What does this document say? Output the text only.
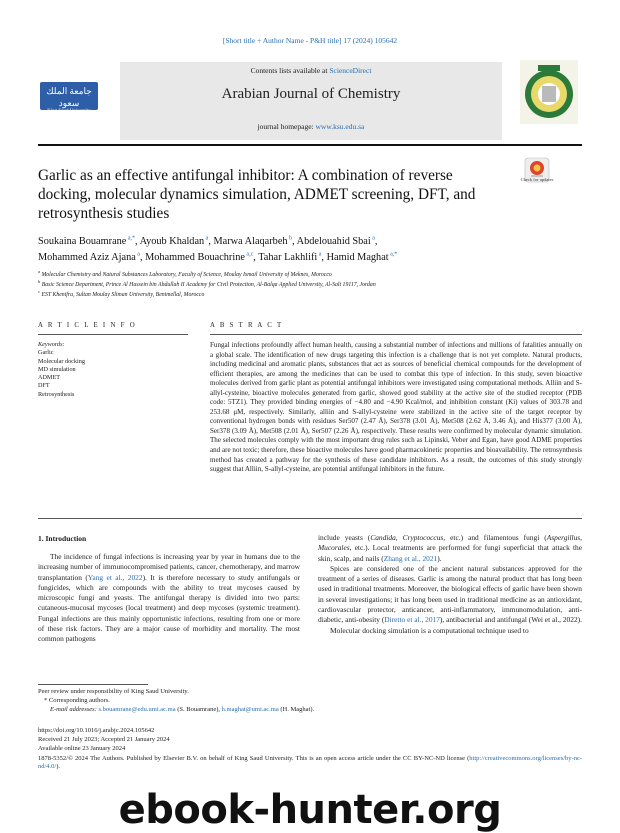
[Short title + Author Name - P&H title] 17 (2024) 105642
Contents lists available at ScienceDirect
Arabian Journal of Chemistry
journal homepage: www.ksu.edu.sa
جامعة الملك سعود
King Saud University
Check for updates
Garlic as an effective antifungal inhibitor: A combination of reverse docking, molecular dynamics simulation, ADMET screening, DFT, and retrosynthesis studies
Soukaina Bouamrane $^{a,*}$, Ayoub Khaldan $^a$, Marwa Alaqarbeh $^b$, Abdelouahid Sbai $^a$,
Mohammed Aziz Ajana $^a$, Mohammed Bouachrine $^{a,c}$, Tahar Lakhlifi $^a$, Hamid Maghat $^{a,*}$
$^a$ Molecular Chemistry and Natural Substances Laboratory, Faculty of Science, Moulay Ismail University of Meknes, Morocco
$^b$ Basic Science Department, Prince Al Hussein bin Abdullah II Academy for Civil Protection, Al-Balqa Applied University, Al-Salt 19117, Jordan
$^c$ EST Khenifra, Sultan Moulay Sliman University, Benimellal, Morocco
A R T I C L E I N F O	A B S T R A C T
Keywords:
Garlic
Molecular docking
MD simulation
ADMET
DFT
Retrosynthesis
Fungal infections profoundly affect human health, causing a substantial number of infections and millions of fatalities annually on a global scale. The identification of new drugs targeting this infection is a challenge that is not yet complete. Natural products, including medicinal and aromatic plants, substances that act as sources of beneficial chemical compounds for the development of efficient therapies, are among the medicines that can be used to combat this type of infection. In this study, seven bioactive molecules derived from garlic plant as potential antifungal inhibitors were investigated using computational methods. Alliin and S-allyl-cysteine, bioactive molecules generated from garlic, showed good stability at the active site of the studied receptor (PDB code: 5TZ1). They provided binding energies of −4.80 and −4.90 Kcal/mol, and inhibition constant (Ki) values of 303.78 and 253.68 μM, respectively. Similarly, alliin and S-allyl-cysteine were stabilized in the active site of the target receptor by conventional hydrogen bonds with residues Ser507 (2.47 Å), Ser378 (3.01 Å), Met508 (2.62 Å, 3.46 Å), and His377 (3.00 Å), Ser378 (3.09 Å), Met508 (2.01 Å), Ser507 (2.26 Å), respectively. These results were confirmed by molecular dynamic simulation. The selected molecules comply with the most important drug rules such as Lipinski, Veber and Egan, have good ADME properties and are not toxic; therefore, these bioactive molecules have good pharmacokinetic properties and bioavailability. The retrosynthesis method has created a pathway for the synthesis of these candidate inhibitors. As a result, the outcomes of this study strongly suggest that Alliin, S-allyl-cysteine, are potential antifungal inhibitors in the future.
1. Introduction

The incidence of fungal infections is increasing year by year in humans due to the increasing number of immunocompromised patients, cancer, chemotherapy, and marrow transplantation (Yang et al., 2022). It is therefore necessary to study antifungals or fungicides, which are compounds with the ability to treat mycoses caused by microscopic fungi and yeasts. The antifungal therapy is divided into two parts: cutaneous-mucosal mycoses (local treatment) and deep mycoses (systemic treatment). Fungal infections are thus mainly opportunistic infections, resulting from one or more of these risk factors. They are a major cause of morbidity and mortality. The most common pathogens

include yeasts (Candida, Cryptococcus, etc.) and filamentous fungi (Aspergillus, Mucorales, etc.). Local treatments are performed for fungi superficial that attack the skin, scalp, and nails (Zhang et al., 2021).

Spices are considered one of the ancient natural substances approved for the treatment of a series of diseases. Garlic is among the natural product that has long been used in traditional treatments. Moreover, the biological effects of garlic have been shown in several investigations; it has long been used in traditional medicine as an antioxidant, cardiovascular protector, anticancer, anti-inflammatory, immunomodulation, anti-diabetic, anti-obesity (Diretto et al., 2017), antibacterial and antifungal (Wei et al., 2022).

Molecular docking simulation is a computational technique used to

Peer review under responsibility of King Saud University.
* Corresponding authors.
E-mail addresses: s.bouamrane@edu.umi.ac.ma (S. Bouamrane), h.maghat@umi.ac.ma (H. Maghat).
https://doi.org/10.1016/j.arabjc.2024.105642
Received 21 July 2023; Accepted 21 January 2024
Available online 23 January 2024
1878-5352/© 2024 The Authors. Published by Elsevier B.V. on behalf of King Saud University. This is an open access article under the CC BY-NC-ND license (http://creativecommons.org/licenses/by-nc-nd/4.0/).
ebook-hunter.org
